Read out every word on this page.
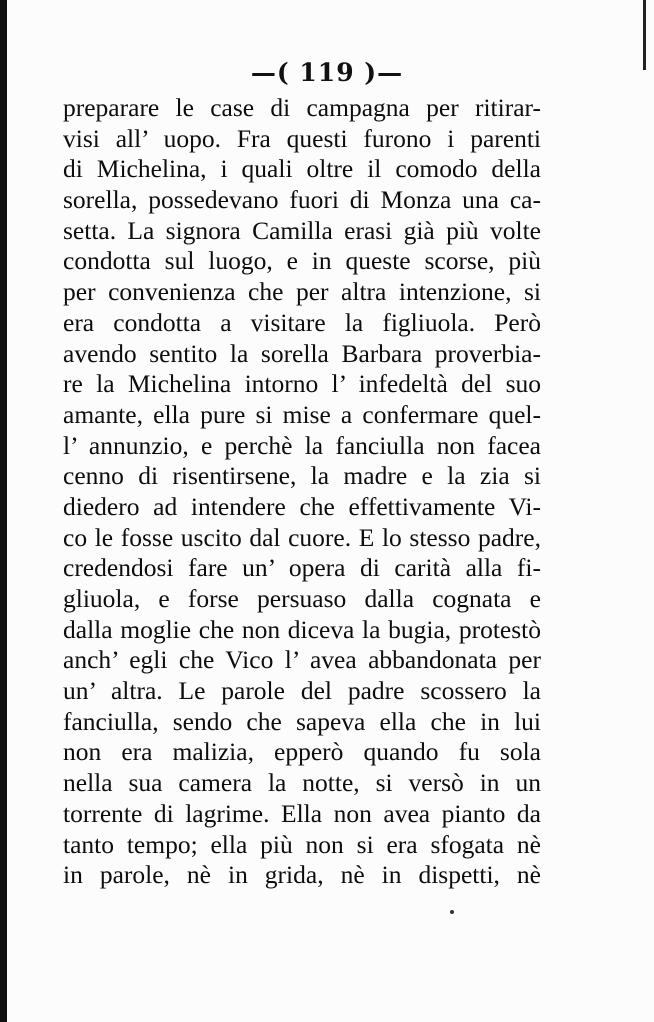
—( 119 )—
preparare le case di campagna per ritirar-
visi all’ uopo. Fra questi furono i parenti
di Michelina, i quali oltre il comodo della
sorella, possedevano fuori di Monza una ca-
setta. La signora Camilla erasi già più volte
condotta sul luogo, e in queste scorse, più
per convenienza che per altra intenzione, si
era condotta a visitare la figliuola. Però
avendo sentito la sorella Barbara proverbia-
re la Michelina intorno l’ infedeltà del suo
amante, ella pure si mise a confermare quel-
l’ annunzio, e perchè la fanciulla non facea
cenno di risentirsene, la madre e la zia si
diedero ad intendere che effettivamente Vi-
co le fosse uscito dal cuore. E lo stesso padre,
credendosi fare un’ opera di carità alla fi-
gliuola, e forse persuaso dalla cognata e
dalla moglie che non diceva la bugia, protestò
anch’ egli che Vico l’ avea abbandonata per
un’ altra. Le parole del padre scossero la
fanciulla, sendo che sapeva ella che in lui
non era malizia, epperò quando fu sola
nella sua camera la notte, si versò in un
torrente di lagrime. Ella non avea pianto da
tanto tempo; ella più non si era sfogata nè
in parole, nè in grida, nè in dispetti, nè
